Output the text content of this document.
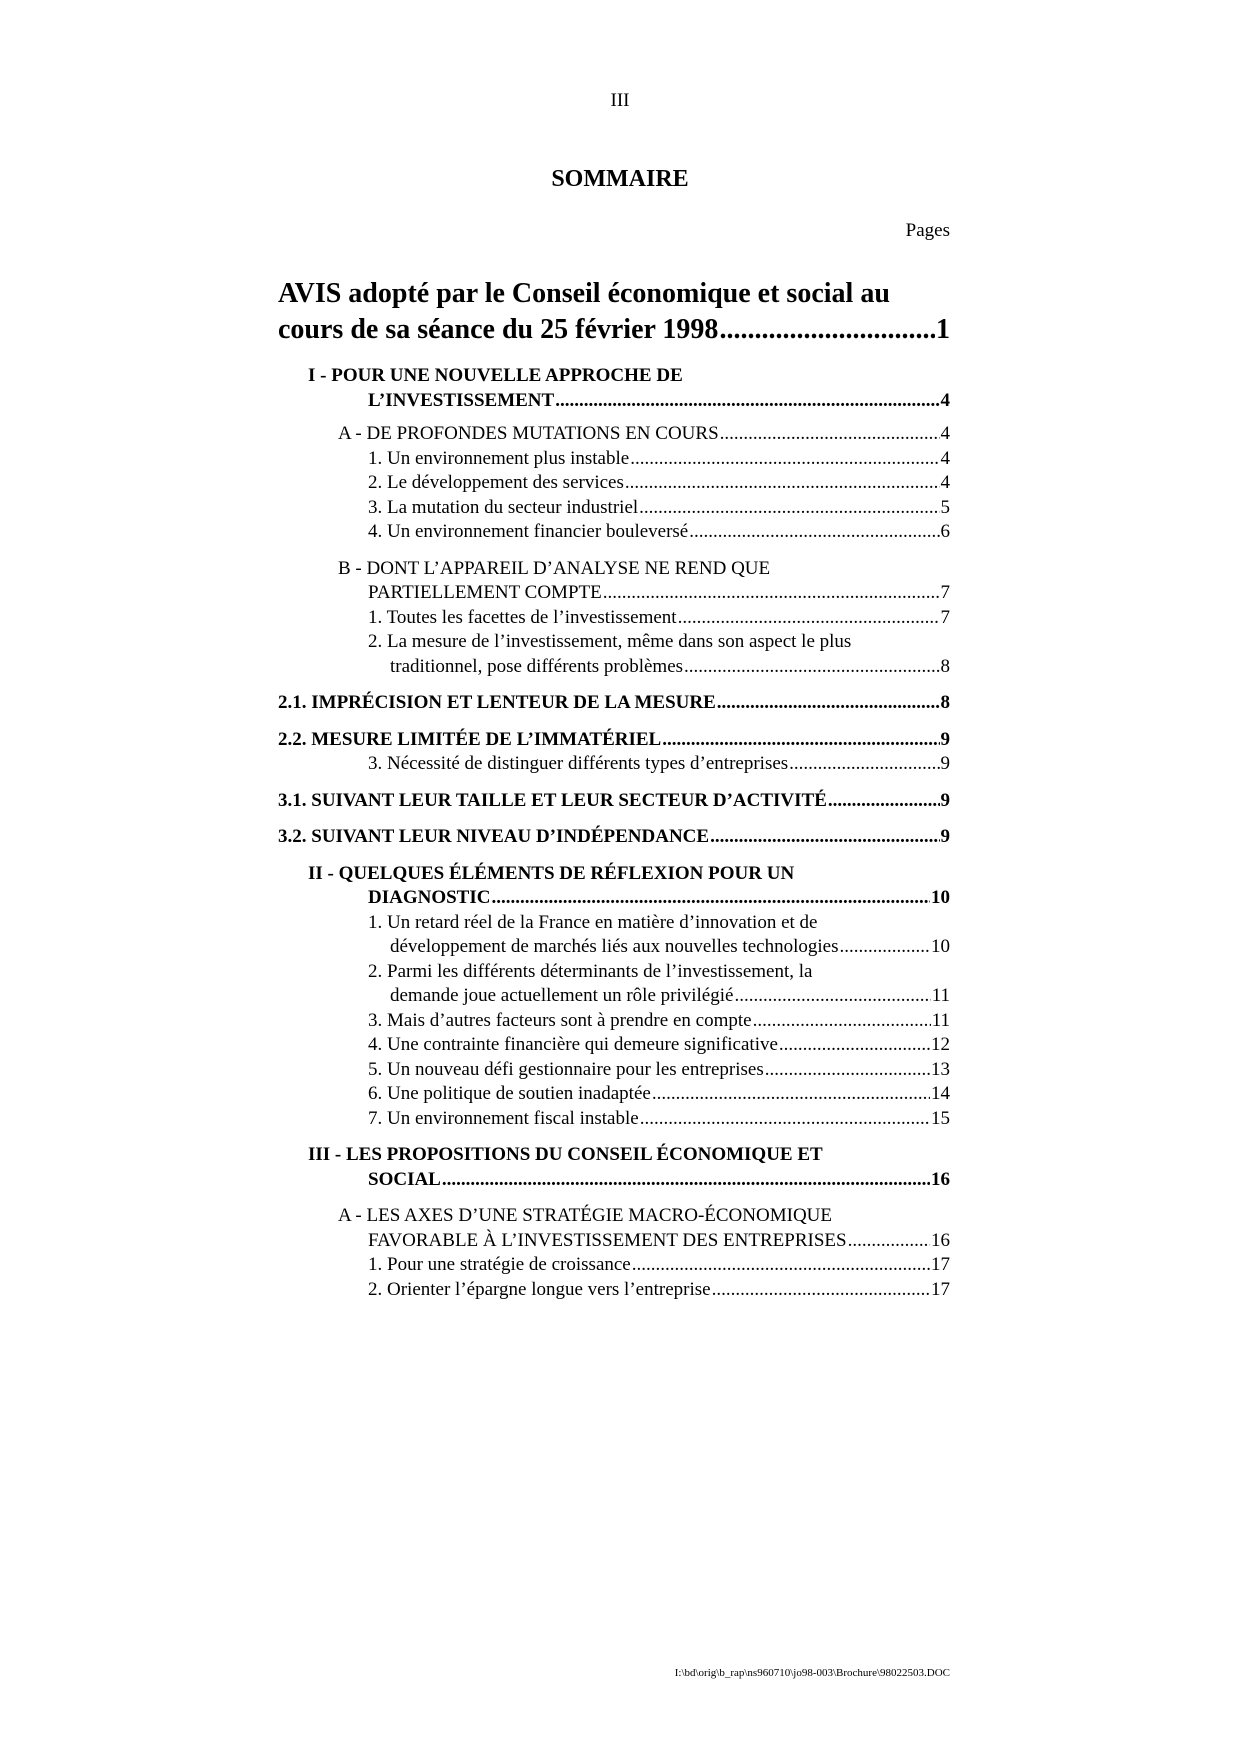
III
SOMMAIRE
Pages
AVIS adopté par le Conseil économique et social au
cours de sa séance du 25 février 1998 .....	1
I - POUR UNE NOUVELLE APPROCHE DE
L’INVESTISSEMENT .....	4
A - DE PROFONDES MUTATIONS EN COURS .....	4
1. Un environnement plus instable .....	4
2. Le développement des services .....	4
3. La mutation du secteur industriel .....	5
4. Un environnement financier bouleversé .....	6
B - DONT L’APPAREIL D’ANALYSE NE REND QUE
PARTIELLEMENT COMPTE .....	7
1. Toutes les facettes de l’investissement .....	7
2. La mesure de l’investissement, même dans son aspect le plus
traditionnel, pose différents problèmes .....	8
2.1. IMPRÉCISION ET LENTEUR DE LA MESURE .....	8
2.2. MESURE LIMITÉE DE L’IMMATÉRIEL .....	9
3. Nécessité de distinguer différents types d’entreprises .....	9
3.1. SUIVANT LEUR TAILLE ET LEUR SECTEUR D’ACTIVITÉ .....	9
3.2. SUIVANT LEUR NIVEAU D’INDÉPENDANCE .....	9
II - QUELQUES ÉLÉMENTS DE RÉFLEXION POUR UN
DIAGNOSTIC .....	10
1. Un retard réel de la France en matière d’innovation et de
développement de marchés liés aux nouvelles technologies .....	10
2. Parmi les différents déterminants de l’investissement, la
demande joue actuellement un rôle privilégié .....	11
3. Mais d’autres facteurs sont à prendre en compte .....	11
4. Une contrainte financière qui demeure significative .....	12
5. Un nouveau défi gestionnaire pour les entreprises .....	13
6. Une politique de soutien inadaptée .....	14
7. Un environnement fiscal instable .....	15
III - LES PROPOSITIONS DU CONSEIL ÉCONOMIQUE ET
SOCIAL .....	16
A - LES AXES D’UNE STRATÉGIE MACRO-ÉCONOMIQUE
FAVORABLE À L’INVESTISSEMENT DES ENTREPRISES .....	16
1. Pour une stratégie de croissance .....	17
2. Orienter l’épargne longue vers l’entreprise .....	17
I:\bd\orig\b_rap\ns960710\jo98-003\Brochure\98022503.DOC
